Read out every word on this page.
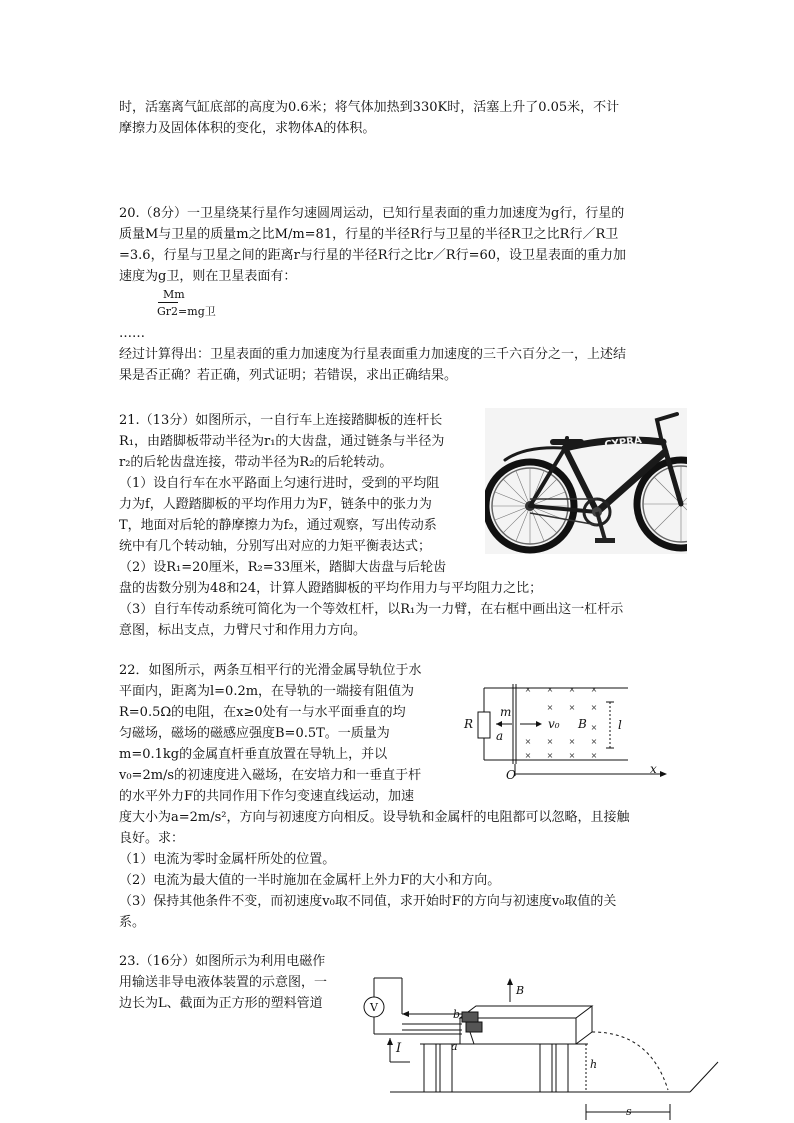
时，活塞离气缸底部的高度为0.6米；将气体加热到330K时，活塞上升了0.05米，不计
摩擦力及固体体积的变化，求物体A的体积。
20.（8分）一卫星绕某行星作匀速圆周运动，已知行星表面的重力加速度为g行，行星的
质量M与卫星的质量m之比M/m=81，行星的半径R行与卫星的半径R卫之比R行／R卫
=3.6，行星与卫星之间的距离r与行星的半径R行之比r／R行=60，设卫星表面的重力加
速度为g卫，则在卫星表面有：
Mm
Gr2=mg卫
……
经过计算得出：卫星表面的重力加速度为行星表面重力加速度的三千六百分之一，上述结
果是否正确？若正确，列式证明；若错误，求出正确结果。
21.（13分）如图所示，一自行车上连接踏脚板的连杆长
R₁，由踏脚板带动半径为r₁的大齿盘，通过链条与半径为
r₂的后轮齿盘连接，带动半径为R₂的后轮转动。
（1）设自行车在水平路面上匀速行进时，受到的平均阻
力为f，人蹬踏脚板的平均作用力为F，链条中的张力为
T，地面对后轮的静摩擦力为f₂，通过观察，写出传动系
统中有几个转动轴，分别写出对应的力矩平衡表达式；
（2）设R₁=20厘米，R₂=33厘米，踏脚大齿盘与后轮齿
盘的齿数分别为48和24，计算人蹬踏脚板的平均作用力与平均阻力之比；
（3）自行车传动系统可简化为一个等效杠杆，以R₁为一力臂，在右框中画出这一杠杆示
意图，标出支点，力臂尺寸和作用力方向。
CYPRA
22．如图所示，两条互相平行的光滑金属导轨位于水
平面内，距离为l=0.2m，在导轨的一端接有阻值为
R=0.5Ω的电阻，在x≥0处有一与水平面垂直的均
匀磁场，磁场的磁感应强度B=0.5T。一质量为
m=0.1kg的金属直杆垂直放置在导轨上，并以
v₀=2m/s的初速度进入磁场，在安培力和一垂直于杆
的水平外力F的共同作用下作匀变速直线运动，加速
度大小为a=2m/s²，方向与初速度方向相反。设导轨和金属杆的电阻都可以忽略，且接触
良好。求：
（1）电流为零时金属杆所处的位置。
（2）电流为最大值的一半时施加在金属杆上外力F的大小和方向。
（3）保持其他条件不变，而初速度v₀取不同值，求开始时F的方向与初速度v₀取值的关
系。
× × × ×
× × ×
×
× × × ×
× × × ×
R
m
a
v₀ B	l
O	x
23.（16分）如图所示为利用电磁作
用输送非导电液体装置的示意图，一
边长为L、截面为正方形的塑料管道	V
B
b
a
I
h
s
